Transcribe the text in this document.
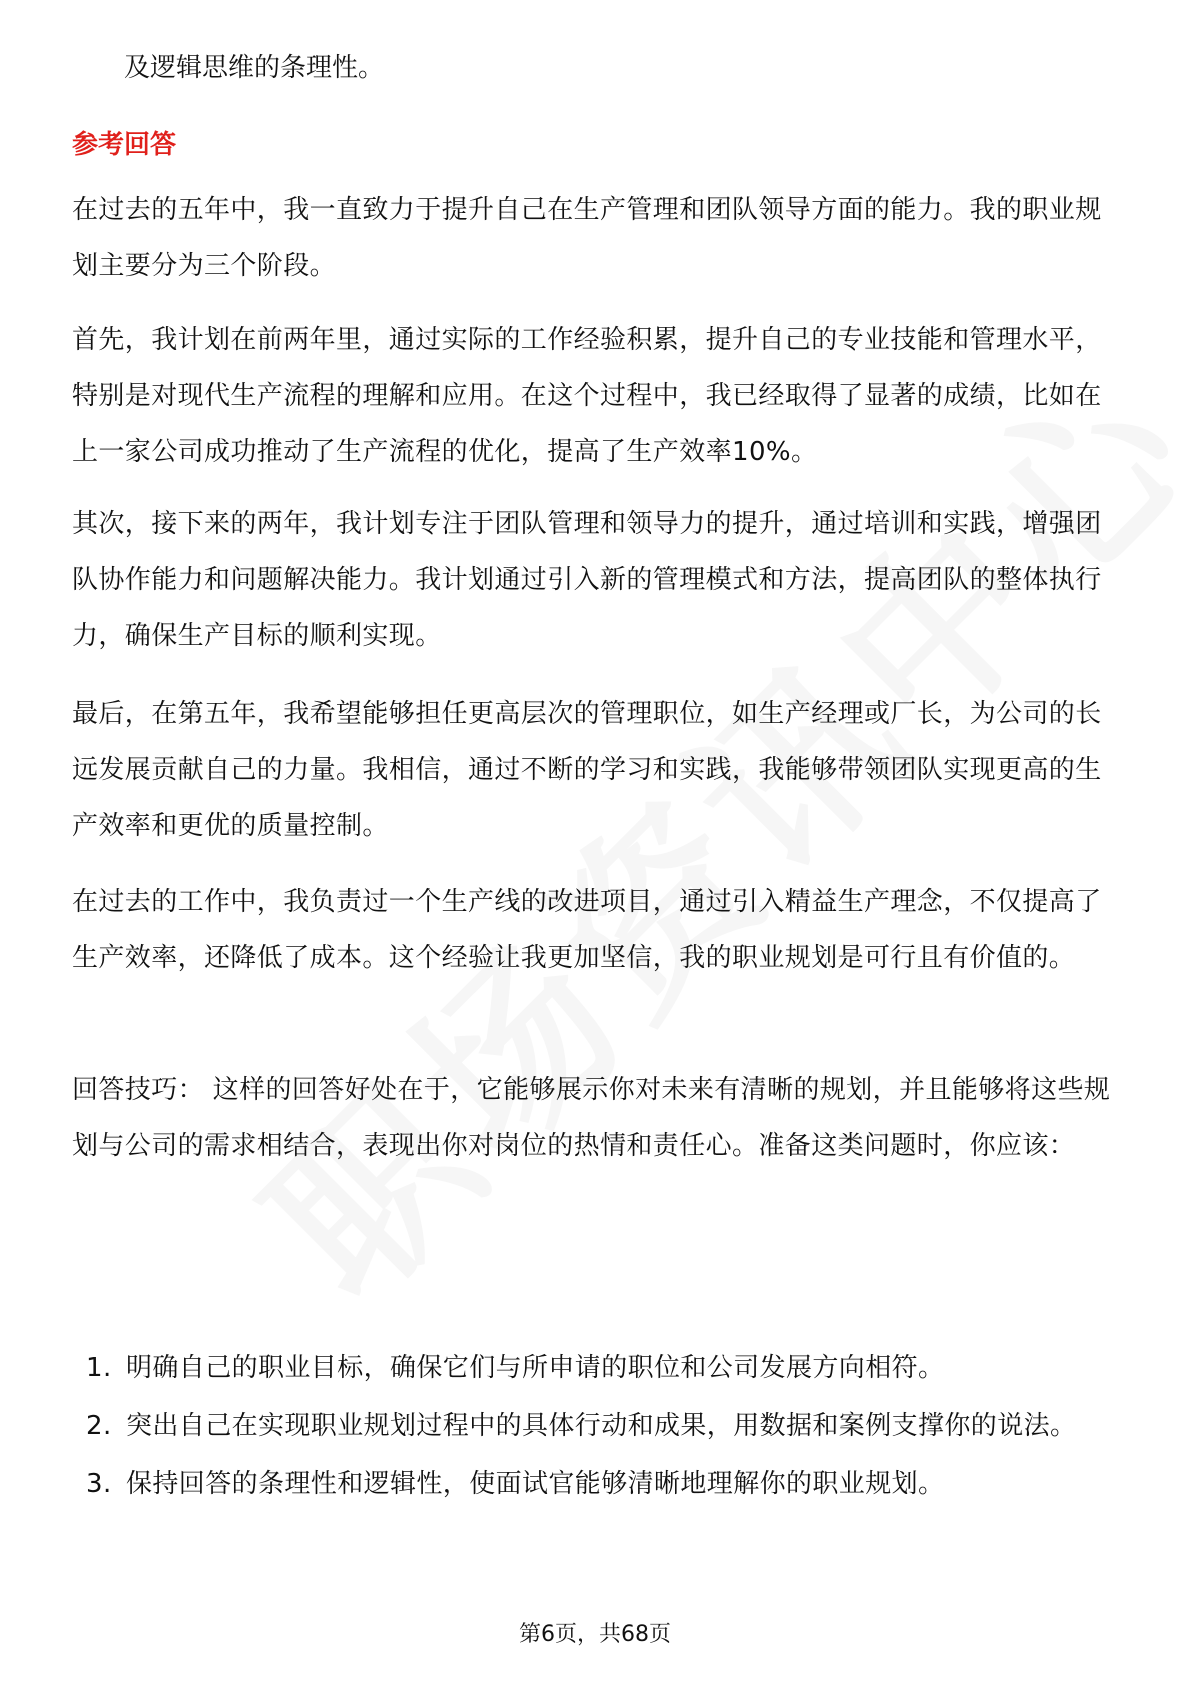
及逻辑思维的条理性。
参考回答
在过去的五年中，我一直致力于提升自己在生产管理和团队领导方面的能力。我的职业规划主要分为三个阶段。
首先，我计划在前两年里，通过实际的工作经验积累，提升自己的专业技能和管理水平，特别是对现代生产流程的理解和应用。在这个过程中，我已经取得了显著的成绩，比如在上一家公司成功推动了生产流程的优化，提高了生产效率10%。
其次，接下来的两年，我计划专注于团队管理和领导力的提升，通过培训和实践，增强团队协作能力和问题解决能力。我计划通过引入新的管理模式和方法，提高团队的整体执行力，确保生产目标的顺利实现。
最后，在第五年，我希望能够担任更高层次的管理职位，如生产经理或厂长，为公司的长远发展贡献自己的力量。我相信，通过不断的学习和实践，我能够带领团队实现更高的生产效率和更优的质量控制。
在过去的工作中，我负责过一个生产线的改进项目，通过引入精益生产理念，不仅提高了生产效率，还降低了成本。这个经验让我更加坚信，我的职业规划是可行且有价值的。
回答技巧： 这样的回答好处在于，它能够展示你对未来有清晰的规划，并且能够将这些规划与公司的需求相结合，表现出你对岗位的热情和责任心。准备这类问题时，你应该：
1. 明确自己的职业目标，确保它们与所申请的职位和公司发展方向相符。
2. 突出自己在实现职业规划过程中的具体行动和成果，用数据和案例支撑你的说法。
3. 保持回答的条理性和逻辑性，使面试官能够清晰地理解你的职业规划。
第6页，共68页
